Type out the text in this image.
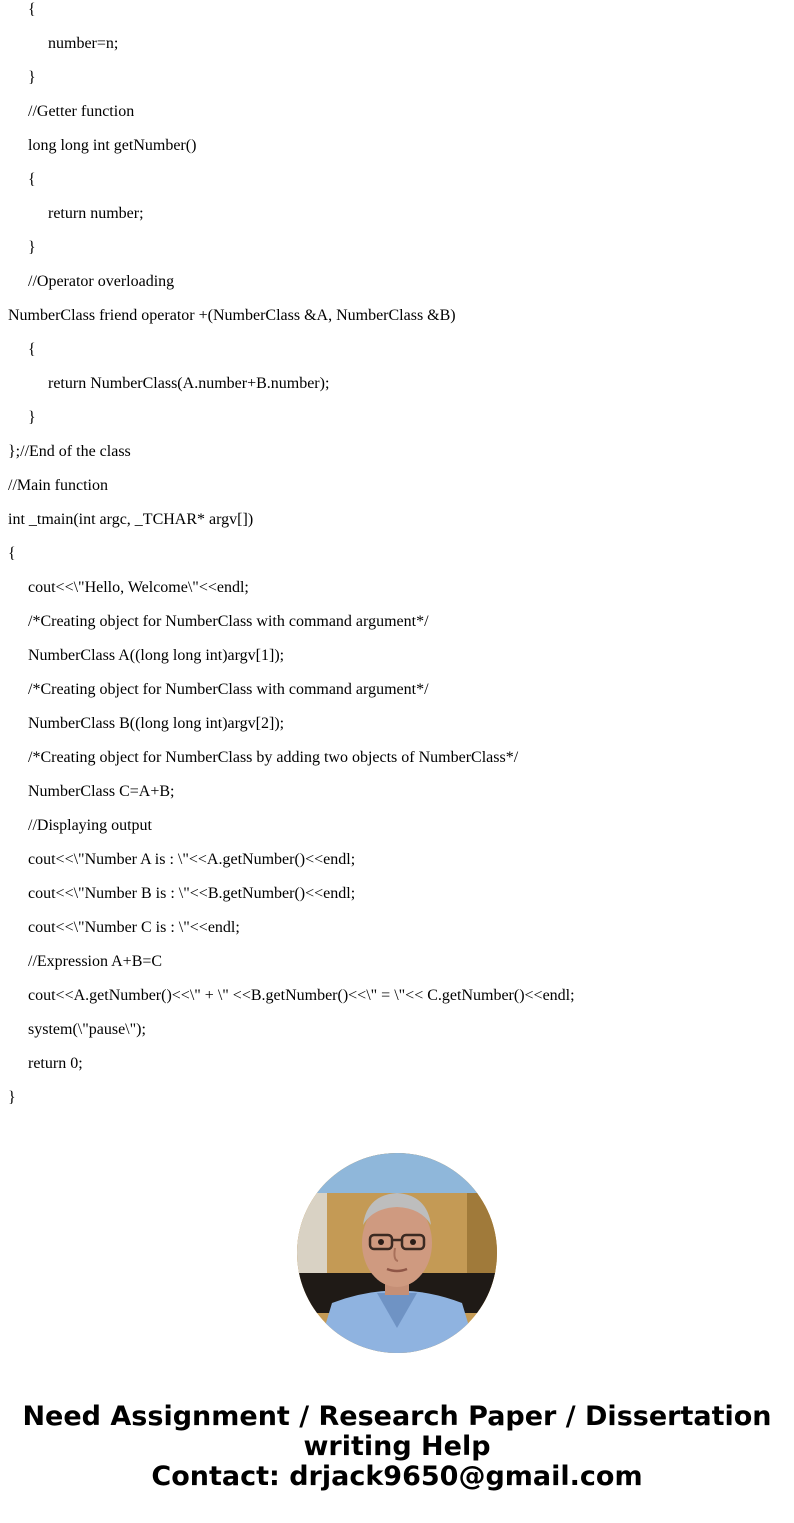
{
number=n;
}
//Getter function
long long int getNumber()
{
return number;
}
//Operator overloading
NumberClass friend operator +(NumberClass &A, NumberClass &B)
{
return NumberClass(A.number+B.number);
}
};//End of the class
//Main function
int _tmain(int argc, _TCHAR* argv[])
{
cout<<\"Hello, Welcome\"<<endl;
/*Creating object for NumberClass with command argument*/
NumberClass A((long long int)argv[1]);
/*Creating object for NumberClass with command argument*/
NumberClass B((long long int)argv[2]);
/*Creating object for NumberClass by adding two objects of NumberClass*/
NumberClass C=A+B;
//Displaying output
cout<<\"Number A is : \"<<A.getNumber()<<endl;
cout<<\"Number B is : \"<<B.getNumber()<<endl;
cout<<\"Number C is : \"<<endl;
//Expression A+B=C
cout<<A.getNumber()<<\" + \" <<B.getNumber()<<\" = \"<< C.getNumber()<<endl;
system(\"pause\");
return 0;
}
Need Assignment / Research Paper / Dissertation
writing Help
Contact: drjack9650@gmail.com
